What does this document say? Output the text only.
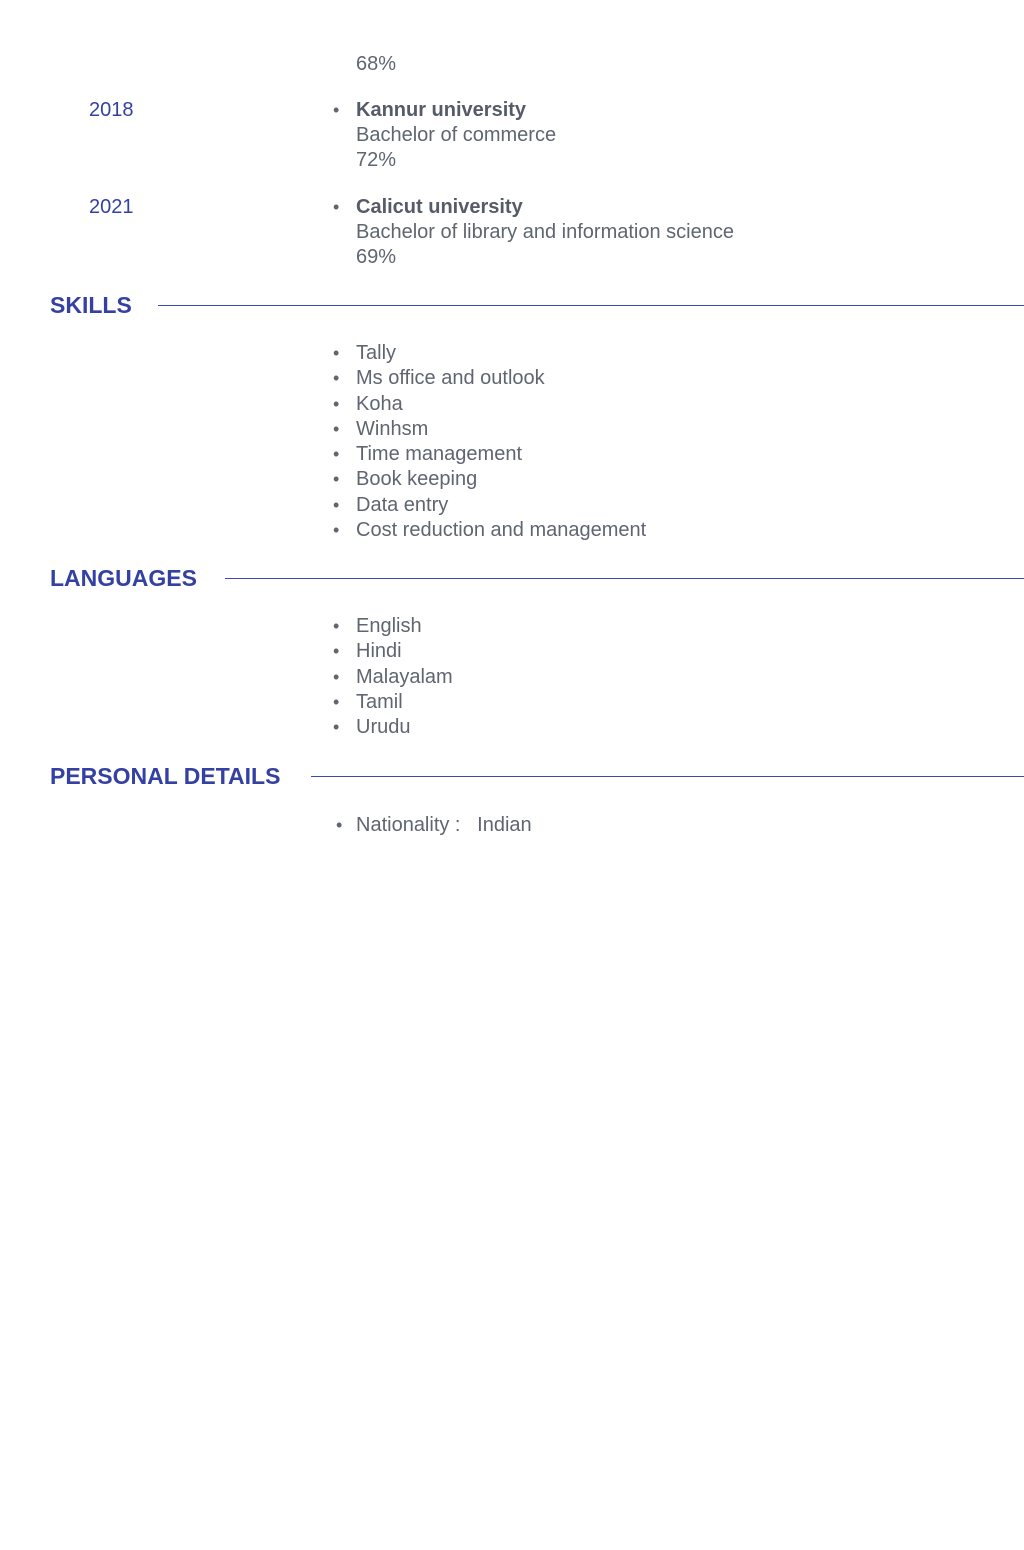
68%
2018	• Kannur university
Bachelor of commerce
72%
2021	• Calicut university
Bachelor of library and information science
69%
SKILLS
• Tally
• Ms office and outlook
• Koha
• Winhsm
• Time management
• Book keeping
• Data entry
• Cost reduction and management
LANGUAGES
• English
• Hindi
• Malayalam
• Tamil
• Urudu
PERSONAL DETAILS
• Nationality : Indian
